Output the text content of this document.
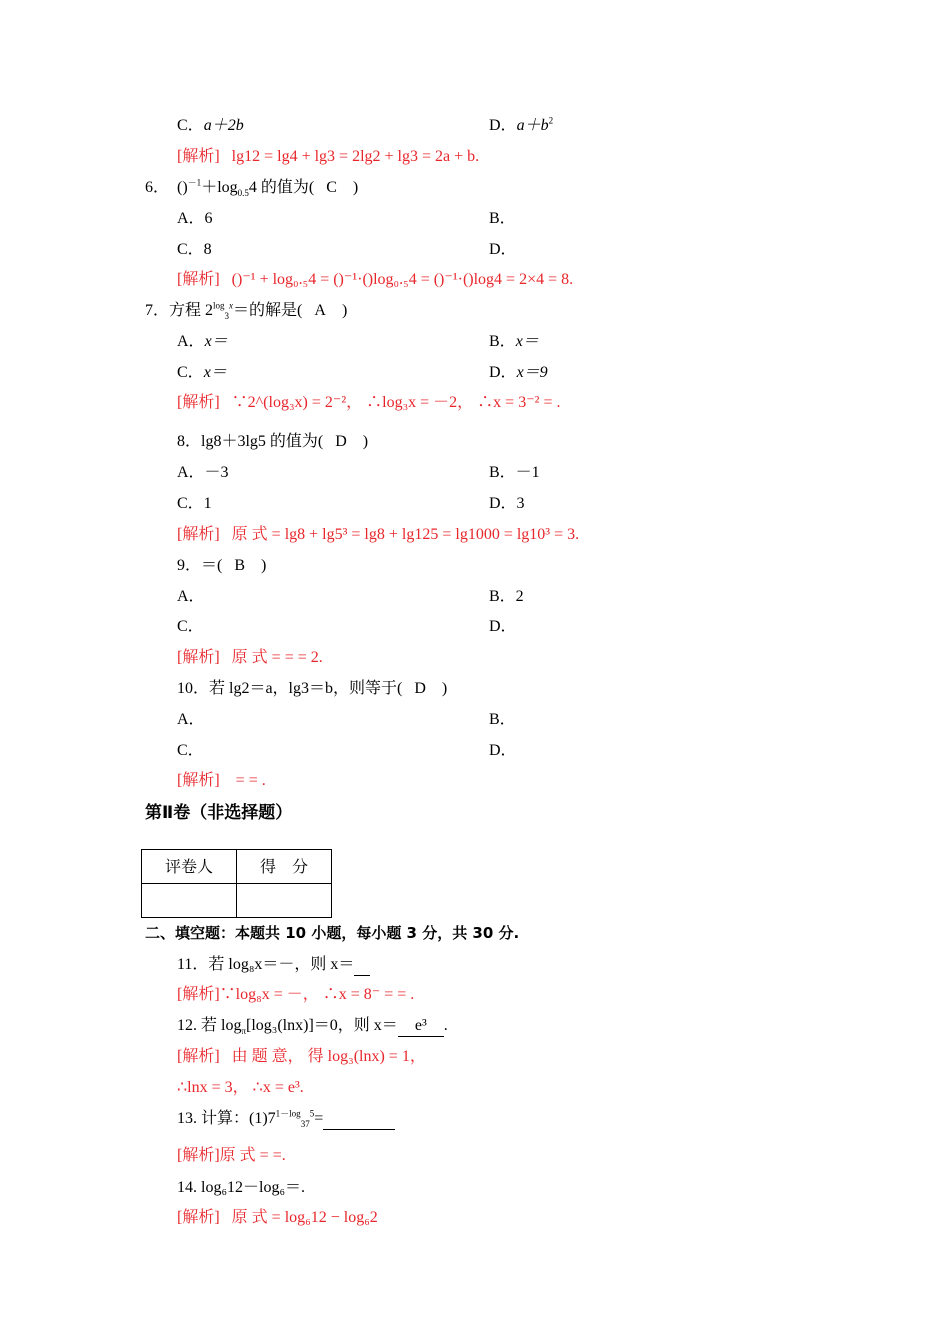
C．a＋2b	D．$a+b^2$
[解析] lg12 = lg4 + lg3 = 2lg2 + lg3 = 2a + b.
6． $()^{-1}+\log_{0.5}4$ 的值为( C )
A．6	B．
C．8	D．
[解析] ()⁻¹ + log₀.₅4 = ()⁻¹·()log₀.₅4 = ()⁻¹·()log4 = 2×4 = 8.
7．方程 $2^{log}_3^x=$的解是( A )
A．x＝	B．x＝
C．x＝	D．x＝9
[解析] ∵2^(log₃x) = 2⁻²， ∴log₃x = －2， ∴x = 3⁻² = .
8．lg8＋3lg5 的值为( D )
A．－3	B．－1
C．1	D．3
[解析] 原 式 = lg8 + lg5³ = lg8 + lg125 = lg1000 = lg10³ = 3.
9．＝( B )
A．	B．2
C．	D．
[解析] 原 式 = = = 2.
10．若 lg2＝a，lg3＝b，则等于( D )
A．	B．
C．	D．
[解析] = = .
第Ⅱ卷（非选择题）
评卷人	得　分

二、填空题：本题共 10 小题，每小题 3 分，共 30 分.
11．若 log₈x＝－，则 x＝
[解析]∵log₈x = －， ∴x = 8⁻ = = .
12. 若 $\log_\pi[\log_3(\ln x)]=0$，则 x＝ e³ .
[解析] 由 题 意， 得 log₃(lnx) = 1，
∴lnx = 3， ∴x = e³.
13. 计算：$(1)7^{1-log}_{37}^5=$
[解析]原 式 = =.
14. log₆12－log₆＝.
[解析] 原 式 = log₆12 − log₆2
